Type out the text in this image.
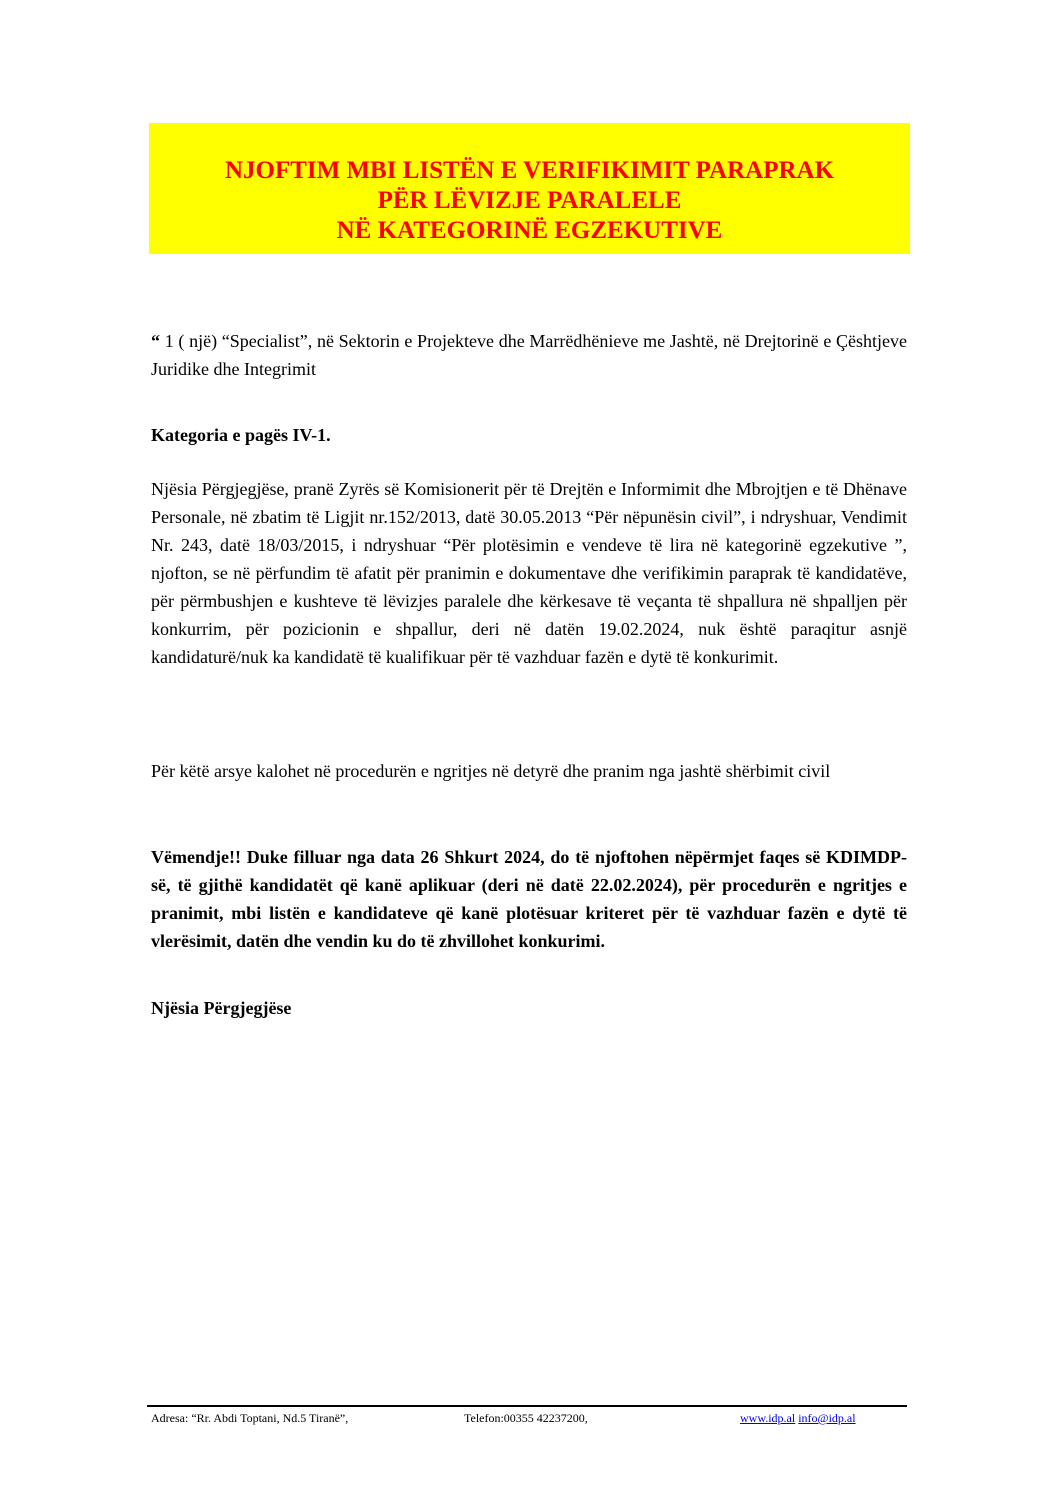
NJOFTIM MBI LISTËN E VERIFIKIMIT PARAPRAK
PËR LËVIZJE PARALELE
NË KATEGORINË EGZEKUTIVE
“ 1 ( një) “Specialist”, në Sektorin e Projekteve dhe Marrëdhënieve me Jashtë, në Drejtorinë e Çështjeve Juridike dhe Integrimit
Kategoria e pagës IV-1.
Njësia Përgjegjëse, pranë Zyrës së Komisionerit për të Drejtën e Informimit dhe Mbrojtjen e të Dhënave Personale, në zbatim të Ligjit nr.152/2013, datë 30.05.2013 “Për nëpunësin civil”, i ndryshuar, Vendimit Nr. 243, datë 18/03/2015, i ndryshuar “Për plotësimin e vendeve të lira në kategorinë egzekutive ”, njofton, se në përfundim të afatit për pranimin e dokumentave dhe verifikimin paraprak të kandidatëve, për përmbushjen e kushteve të lëvizjes paralele dhe kërkesave të veçanta të shpallura në shpalljen për konkurrim, për pozicionin e shpallur, deri në datën 19.02.2024, nuk është paraqitur asnjë kandidaturë/nuk ka kandidatë të kualifikuar për të vazhduar fazën e dytë të konkurimit.
Për këtë arsye kalohet në procedurën e ngritjes në detyrë dhe pranim nga jashtë shërbimit civil
Vëmendje!! Duke filluar nga data 26 Shkurt 2024, do të njoftohen nëpërmjet faqes së KDIMDP-së, të gjithë kandidatët që kanë aplikuar (deri në datë 22.02.2024), për procedurën e ngritjes e pranimit, mbi listën e kandidateve që kanë plotësuar kriteret për të vazhduar fazën e dytë të vlerësimit, datën dhe vendin ku do të zhvillohet konkurimi.
Njësia Përgjegjëse
Adresa: “Rr. Abdi Toptani, Nd.5 Tiranë”,	Telefon:00355 42237200,	www.idp.al info@idp.al
